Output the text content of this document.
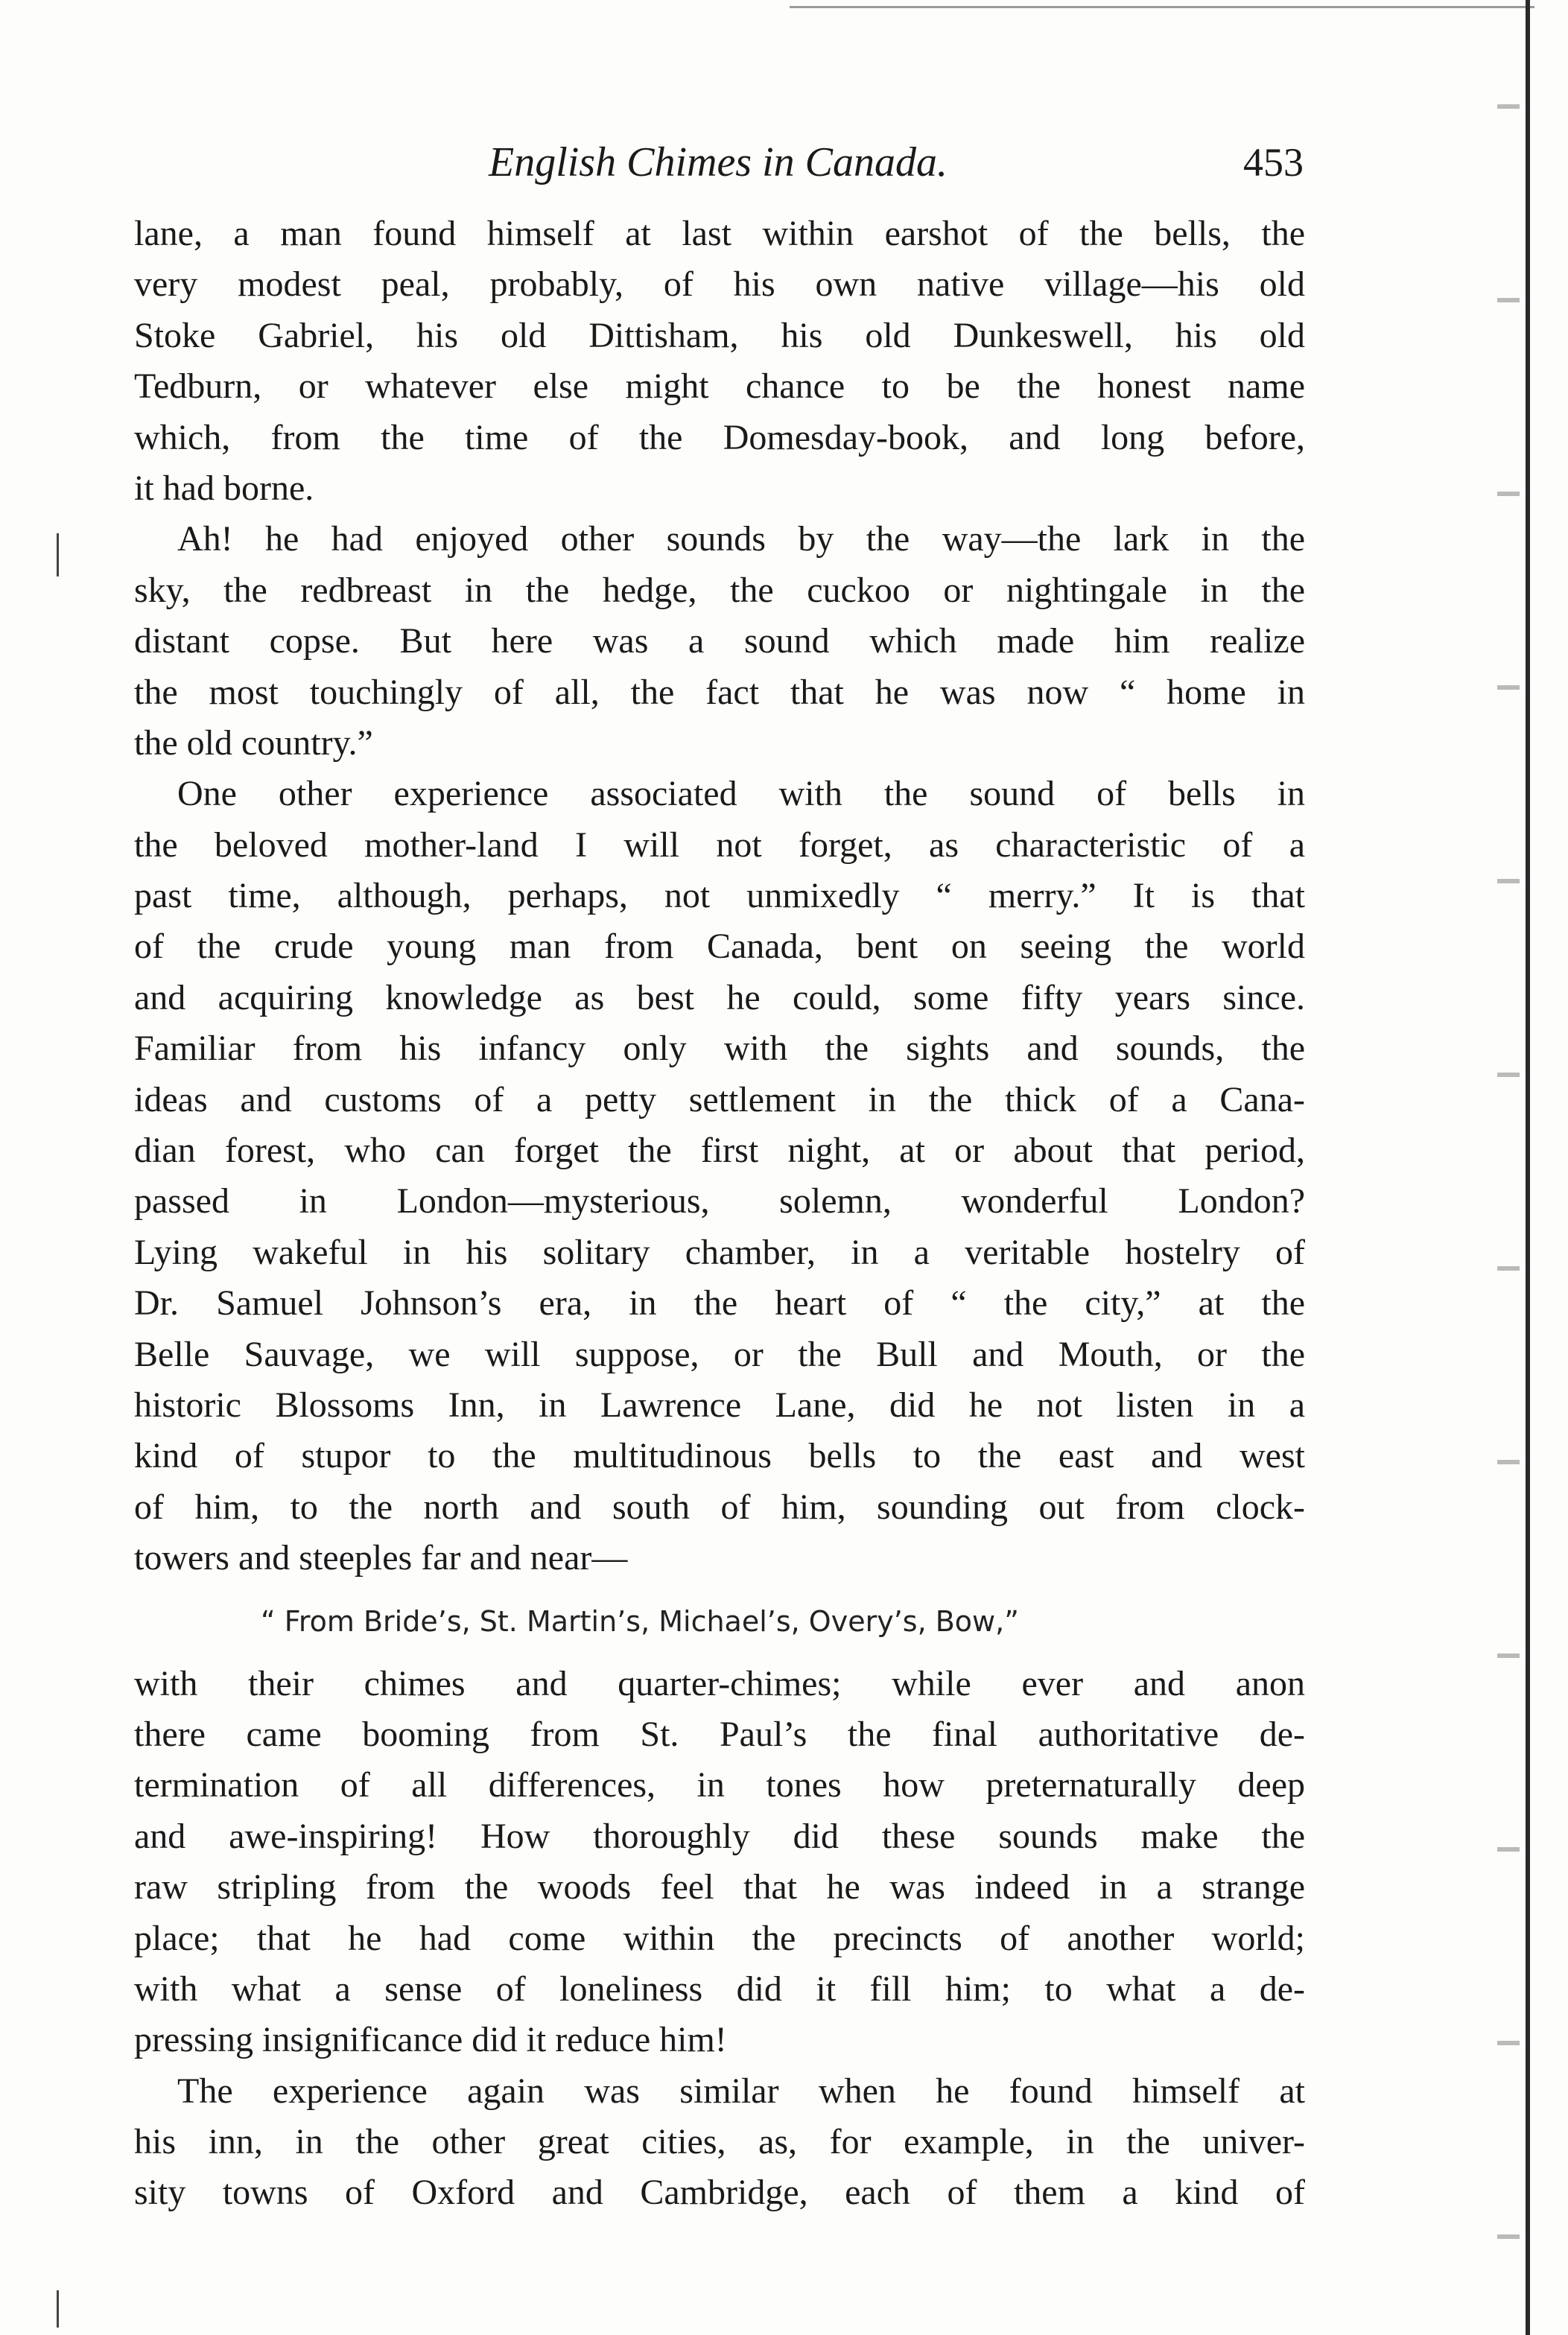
English Chimes in Canada.	453
lane, a man found himself at last within earshot of the bells, the
very modest peal, probably, of his own native village—his old
Stoke Gabriel, his old Dittisham, his old Dunkeswell, his old
Tedburn, or whatever else might chance to be the honest name
which, from the time of the Domesday-book, and long before,
it had borne.
Ah! he had enjoyed other sounds by the way—the lark in the
sky, the redbreast in the hedge, the cuckoo or nightingale in the
distant copse. But here was a sound which made him realize
the most touchingly of all, the fact that he was now “ home in
the old country.”
One other experience associated with the sound of bells in
the beloved mother-land I will not forget, as characteristic of a
past time, although, perhaps, not unmixedly “ merry.” It is that
of the crude young man from Canada, bent on seeing the world
and acquiring knowledge as best he could, some fifty years since.
Familiar from his infancy only with the sights and sounds, the
ideas and customs of a petty settlement in the thick of a Cana-
dian forest, who can forget the first night, at or about that period,
passed in London—mysterious, solemn, wonderful London?
Lying wakeful in his solitary chamber, in a veritable hostelry of
Dr. Samuel Johnson’s era, in the heart of “ the city,” at the
Belle Sauvage, we will suppose, or the Bull and Mouth, or the
historic Blossoms Inn, in Lawrence Lane, did he not listen in a
kind of stupor to the multitudinous bells to the east and west
of him, to the north and south of him, sounding out from clock-
towers and steeples far and near—
“ From Bride’s, St. Martin’s, Michael’s, Overy’s, Bow,”
with their chimes and quarter-chimes; while ever and anon
there came booming from St. Paul’s the final authoritative de-
termination of all differences, in tones how preternaturally deep
and awe-inspiring! How thoroughly did these sounds make the
raw stripling from the woods feel that he was indeed in a strange
place; that he had come within the precincts of another world;
with what a sense of loneliness did it fill him; to what a de-
pressing insignificance did it reduce him!
The experience again was similar when he found himself at
his inn, in the other great cities, as, for example, in the univer-
sity towns of Oxford and Cambridge, each of them a kind of
